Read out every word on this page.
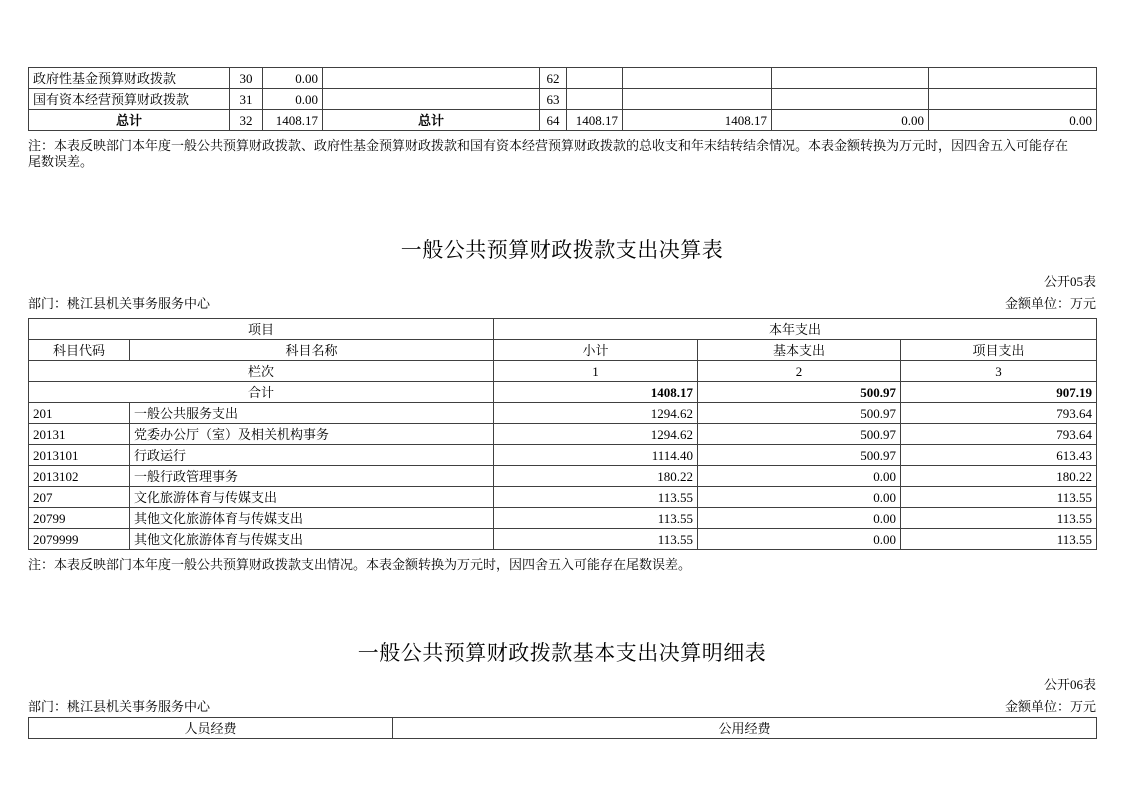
政府性基金预算财政拨款	30	0.00		62				
国有资本经营预算财政拨款	31	0.00		63				
总计	32	1408.17	总计	64	1408.17	1408.17	0.00	0.00
注：本表反映部门本年度一般公共预算财政拨款、政府性基金预算财政拨款和国有资本经营预算财政拨款的总收支和年末结转结余情况。本表金额转换为万元时，因四舍五入可能存在尾数误差。
一般公共预算财政拨款支出决算表
公开05表
部门：桃江县机关事务服务中心	金额单位：万元
项目		本年支出		
科目代码	科目名称	小计	基本支出	项目支出
栏次		1	2	3
合计		1408.17	500.97	907.19
201	一般公共服务支出	1294.62	500.97	793.64
20131	党委办公厅（室）及相关机构事务	1294.62	500.97	793.64
2013101	行政运行	1114.40	500.97	613.43
2013102	一般行政管理事务	180.22	0.00	180.22
207	文化旅游体育与传媒支出	113.55	0.00	113.55
20799	其他文化旅游体育与传媒支出	113.55	0.00	113.55
2079999	其他文化旅游体育与传媒支出	113.55	0.00	113.55
注：本表反映部门本年度一般公共预算财政拨款支出情况。本表金额转换为万元时，因四舍五入可能存在尾数误差。
一般公共预算财政拨款基本支出决算明细表
公开06表
部门：桃江县机关事务服务中心	金额单位：万元
人员经费	公用经费
